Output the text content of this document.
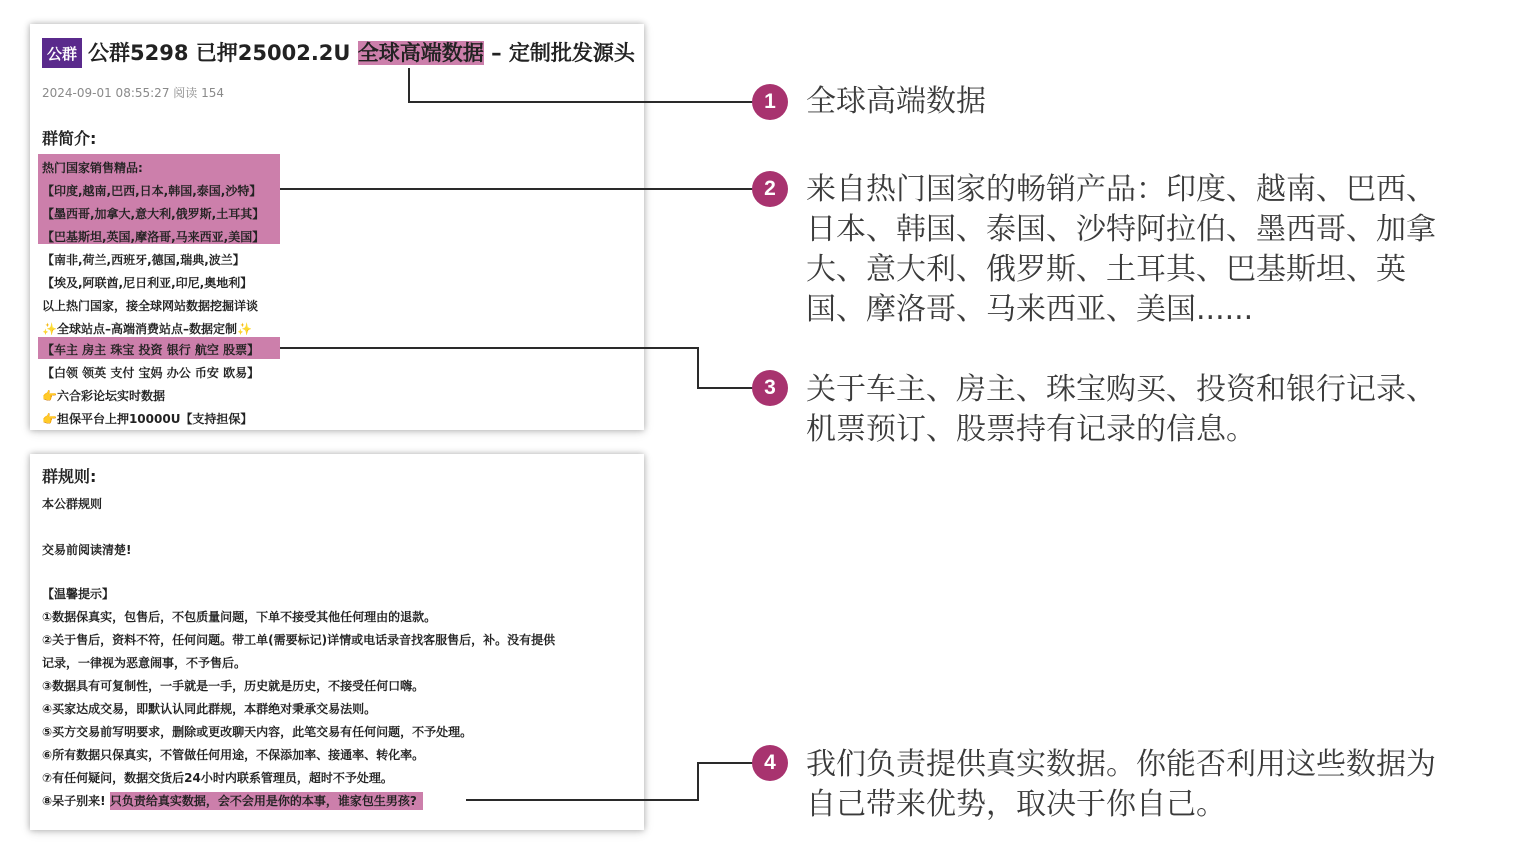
公群 公群5298 已押25002.2U 全球高端数据 – 定制批发源头
2024-09-01 08:55:27 阅读 154
群简介:
热门国家销售精品:
【印度,越南,巴西,日本,韩国,泰国,沙特】
【墨西哥,加拿大,意大利,俄罗斯,土耳其】
【巴基斯坦,英国,摩洛哥,马来西亚,美国】
【南非,荷兰,西班牙,德国,瑞典,波兰】
【埃及,阿联酋,尼日利亚,印尼,奥地利】
以上热门国家，接全球网站数据挖掘详谈
✨全球站点–高端消费站点–数据定制✨
【车主 房主 珠宝 投资 银行 航空 股票】
【白领 领英 支付 宝妈 办公 币安 欧易】
👉六合彩论坛实时数据
👉担保平台上押10000U【支持担保】
群规则:
本公群规则
交易前阅读清楚!
【温馨提示】
①数据保真实，包售后，不包质量问题，下单不接受其他任何理由的退款。
②关于售后，资料不符，任何问题。带工单(需要标记)详情或电话录音找客服售后，补。没有提供
记录，一律视为恶意闹事，不予售后。
③数据具有可复制性，一手就是一手，历史就是历史，不接受任何口嗨。
④买家达成交易，即默认认同此群规，本群绝对秉承交易法则。
⑤买方交易前写明要求，删除或更改聊天内容，此笔交易有任何问题，不予处理。
⑥所有数据只保真实，不管做任何用途，不保添加率、接通率、转化率。
⑦有任何疑问，数据交货后24小时内联系管理员，超时不予处理。
⑧呆子别来! 只负责给真实数据，会不会用是你的本事，谁家包生男孩?
1
2
3
4
全球高端数据
来自热门国家的畅销产品：印度、越南、巴西、
日本、韩国、泰国、沙特阿拉伯、墨西哥、加拿
大、意大利、俄罗斯、土耳其、巴基斯坦、英
国、摩洛哥、马来西亚、美国......
关于车主、房主、珠宝购买、投资和银行记录、
机票预订、股票持有记录的信息。
我们负责提供真实数据。你能否利用这些数据为
自己带来优势，取决于你自己。
